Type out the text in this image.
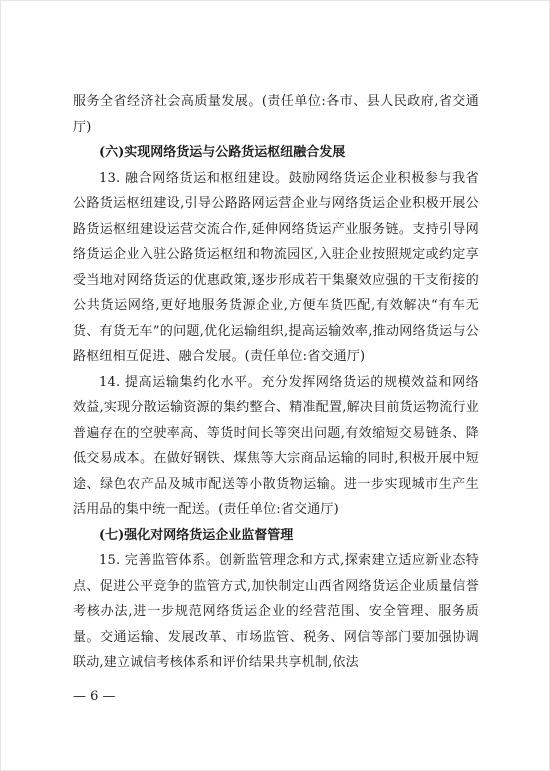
服务全省经济社会高质量发展。(责任单位:各市、县人民政府,省交通厅)

(六)实现网络货运与公路货运枢纽融合发展

13. 融合网络货运和枢纽建设。鼓励网络货运企业积极参与我省公路货运枢纽建设,引导公路路网运营企业与网络货运企业积极开展公路货运枢纽建设运营交流合作,延伸网络货运产业服务链。支持引导网络货运企业入驻公路货运枢纽和物流园区,入驻企业按照规定或约定享受当地对网络货运的优惠政策,逐步形成若干集聚效应强的干支衔接的公共货运网络,更好地服务货源企业,方便车货匹配,有效解决“有车无货、有货无车”的问题,优化运输组织,提高运输效率,推动网络货运与公路枢纽相互促进、融合发展。(责任单位:省交通厅)

14. 提高运输集约化水平。充分发挥网络货运的规模效益和网络效益,实现分散运输资源的集约整合、精准配置,解决目前货运物流行业普遍存在的空驶率高、等货时间长等突出问题,有效缩短交易链条、降低交易成本。在做好钢铁、煤焦等大宗商品运输的同时,积极开展中短途、绿色农产品及城市配送等小散货物运输。进一步实现城市生产生活用品的集中统一配送。(责任单位:省交通厅)

(七)强化对网络货运企业监督管理

15. 完善监管体系。创新监管理念和方式,探索建立适应新业态特点、促进公平竞争的监管方式,加快制定山西省网络货运企业质量信誉考核办法,进一步规范网络货运企业的经营范围、安全管理、服务质量。交通运输、发展改革、市场监管、税务、网信等部门要加强协调联动,建立诚信考核体系和评价结果共享机制,依法

— 6 —
